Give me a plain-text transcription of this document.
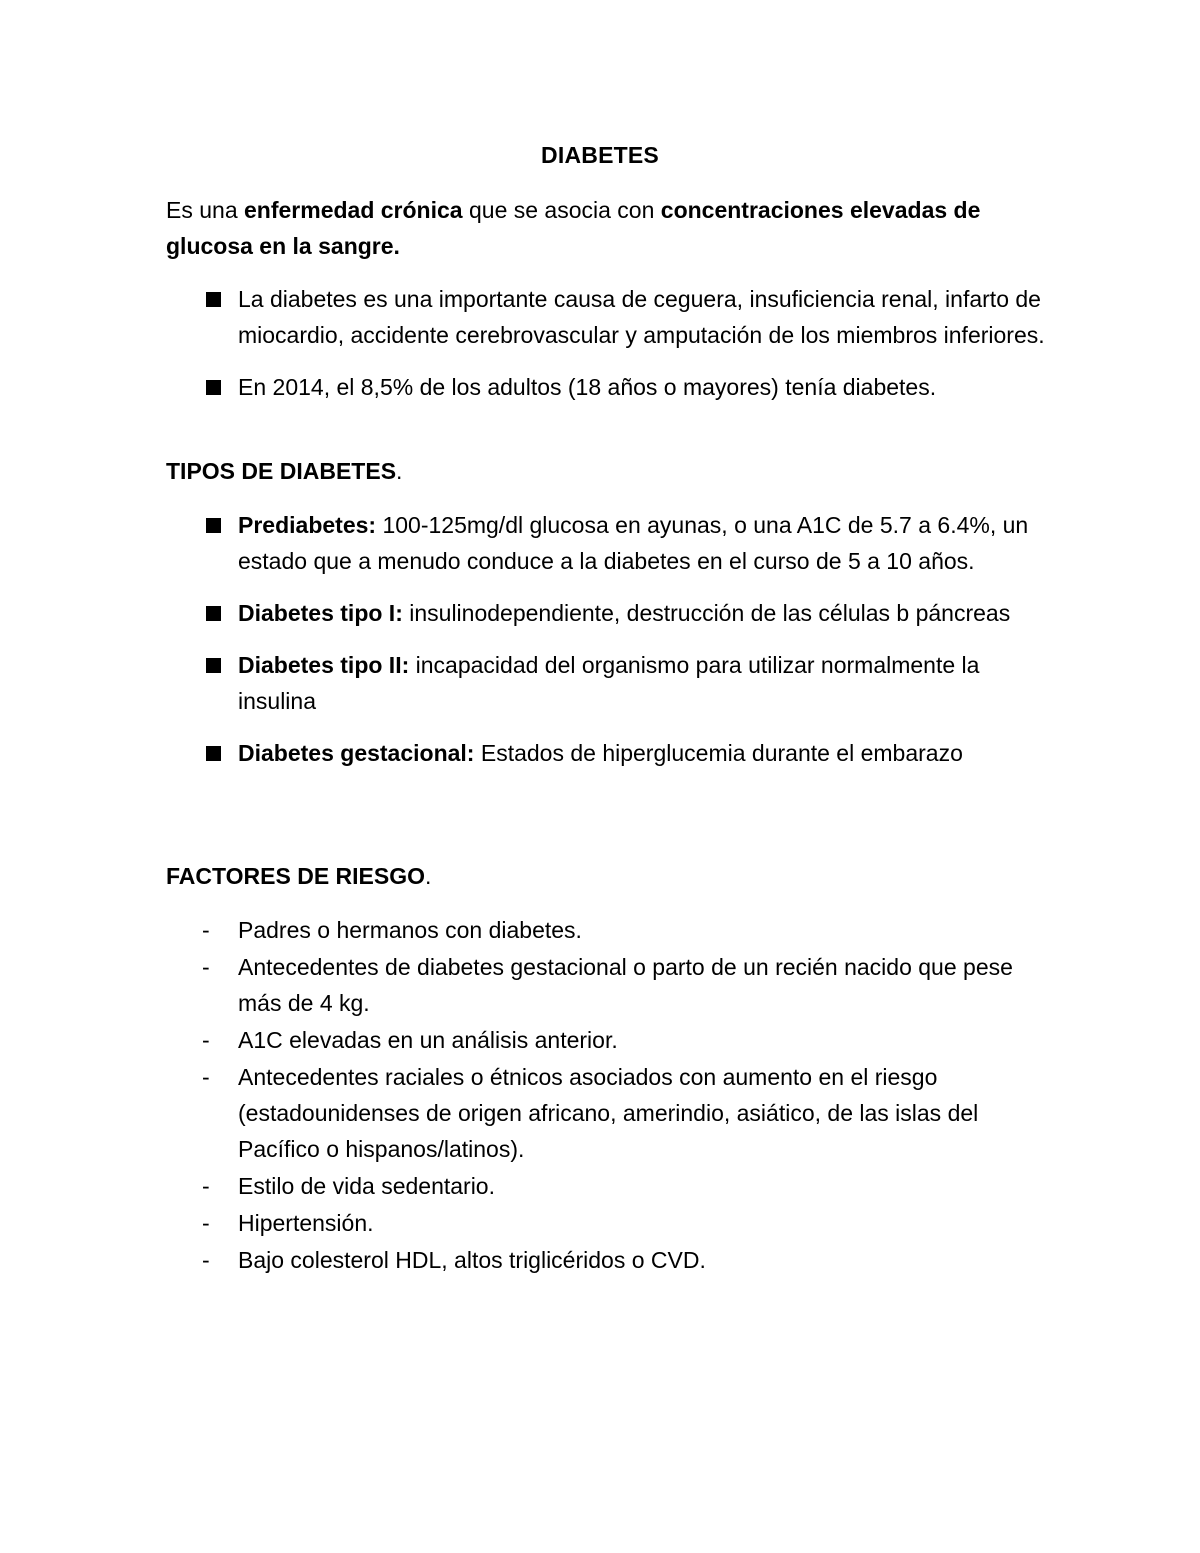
DIABETES

Es una enfermedad crónica que se asocia con concentraciones elevadas de glucosa en la sangre.

La diabetes es una importante causa de ceguera, insuficiencia renal, infarto de miocardio, accidente cerebrovascular y amputación de los miembros inferiores.
En 2014, el 8,5% de los adultos (18 años o mayores) tenía diabetes.
TIPOS DE DIABETES.
Prediabetes: 100-125mg/dl glucosa en ayunas, o una A1C de 5.7 a 6.4%, un estado que a menudo conduce a la diabetes en el curso de 5 a 10 años.
Diabetes tipo I: insulinodependiente, destrucción de las células b páncreas
Diabetes tipo II: incapacidad del organismo para utilizar normalmente la insulina
Diabetes gestacional: Estados de hiperglucemia durante el embarazo
FACTORES DE RIESGO.
- Padres o hermanos con diabetes.
- Antecedentes de diabetes gestacional o parto de un recién nacido que pese más de 4 kg.
- A1C elevadas en un análisis anterior.
- Antecedentes raciales o étnicos asociados con aumento en el riesgo (estadounidenses de origen africano, amerindio, asiático, de las islas del Pacífico o hispanos/latinos).
- Estilo de vida sedentario.
- Hipertensión.
- Bajo colesterol HDL, altos triglicéridos o CVD.
